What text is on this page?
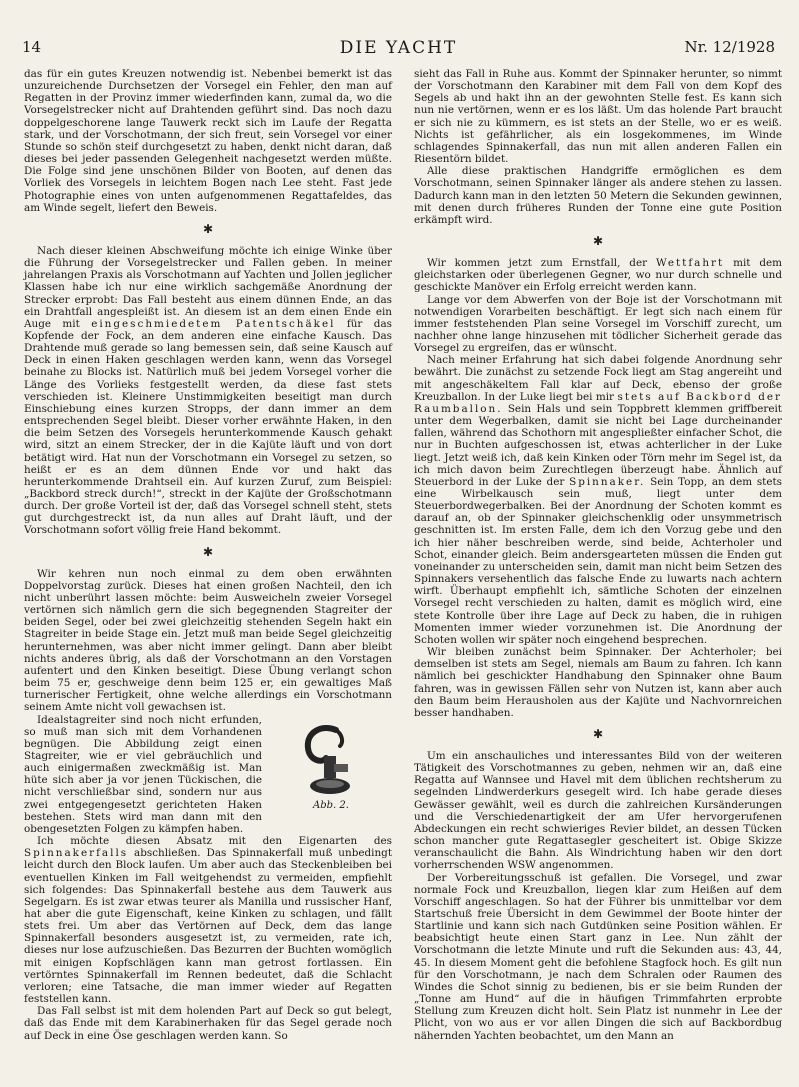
14	DIE YACHT	Nr. 12/1928

das für ein gutes Kreuzen notwendig ist. Nebenbei bemerkt ist das unzureichende Durchsetzen der Vorsegel ein Fehler, den man auf Regatten in der Provinz immer wiederfinden kann, zumal da, wo die Vorsegelstrecker nicht auf Drahtenden geführt sind. Das noch dazu doppelgeschorene lange Tauwerk reckt sich im Laufe der Regatta stark, und der Vorschotmann, der sich freut, sein Vorsegel vor einer Stunde so schön steif durchgesetzt zu haben, denkt nicht daran, daß dieses bei jeder passenden Gelegenheit nachgesetzt werden müßte. Die Folge sind jene unschönen Bilder von Booten, auf denen das Vorliek des Vorsegels in leichtem Bogen nach Lee steht. Fast jede Photographie eines von unten aufgenommenen Regattafeldes, das am Winde segelt, liefert den Beweis.

✱

Nach dieser kleinen Abschweifung möchte ich einige Winke über die Führung der Vorsegelstrecker und Fallen geben. In meiner jahrelangen Praxis als Vorschotmann auf Yachten und Jollen jeglicher Klassen habe ich nur eine wirklich sachgemäße Anordnung der Strecker erprobt: Das Fall besteht aus einem dünnen Ende, an das ein Drahtfall angespleißt ist. An diesem ist an dem einen Ende ein Auge mit eingeschmiedetem Patentschäkel für das Kopfende der Fock, an dem anderen eine einfache Kausch. Das Drahtende muß gerade so lang bemessen sein, daß seine Kausch auf Deck in einen Haken geschlagen werden kann, wenn das Vorsegel beinahe zu Blocks ist. Natürlich muß bei jedem Vorsegel vorher die Länge des Vorlieks festgestellt werden, da diese fast stets verschieden ist. Kleinere Unstimmigkeiten beseitigt man durch Einschiebung eines kurzen Stropps, der dann immer an dem entsprechenden Segel bleibt. Dieser vorher erwähnte Haken, in den die beim Setzen des Vorsegels herunterkommende Kausch gehakt wird, sitzt an einem Strecker, der in die Kajüte läuft und von dort betätigt wird. Hat nun der Vorschotmann ein Vorsegel zu setzen, so heißt er es an dem dünnen Ende vor und hakt das herunterkommende Drahtseil ein. Auf kurzen Zuruf, zum Beispiel: „Backbord streck durch!“, streckt in der Kajüte der Großschotmann durch. Der große Vorteil ist der, daß das Vorsegel schnell steht, stets gut durchgestreckt ist, da nun alles auf Draht läuft, und der Vorschotmann sofort völlig freie Hand bekommt.

✱

Wir kehren nun noch einmal zu dem oben erwähnten Doppelvorstag zurück. Dieses hat einen großen Nachteil, den ich nicht unberührt lassen möchte: beim Ausweicheln zweier Vorsegel vertörnen sich nämlich gern die sich begegnenden Stagreiter der beiden Segel, oder bei zwei gleichzeitig stehenden Segeln hakt ein Stagreiter in beide Stage ein. Jetzt muß man beide Segel gleichzeitig herunternehmen, was aber nicht immer gelingt. Dann aber bleibt nichts anderes übrig, als daß der Vorschotmann an den Vorstagen aufentert und den Kinken beseitigt. Diese Übung verlangt schon beim 75 er, geschweige denn beim 125 er, ein gewaltiges Maß turnerischer Fertigkeit, ohne welche allerdings ein Vorschotmann seinem Amte nicht voll gewachsen ist.

Abb. 2.

Idealstagreiter sind noch nicht erfunden, so muß man sich mit dem Vorhandenen begnügen. Die Abbildung zeigt einen Stagreiter, wie er viel gebräuchlich und auch einigermaßen zweckmäßig ist. Man hüte sich aber ja vor jenen Tückischen, die nicht verschließbar sind, sondern nur aus zwei entgegengesetzt gerichteten Haken bestehen. Stets wird man dann mit den obengesetzten Folgen zu kämpfen haben.

Ich möchte diesen Absatz mit den Eigenarten des Spinnakerfalls abschließen. Das Spinnakerfall muß unbedingt leicht durch den Block laufen. Um aber auch das Steckenbleiben bei eventuellen Kinken im Fall weitgehendst zu vermeiden, empfiehlt sich folgendes: Das Spinnakerfall bestehe aus dem Tauwerk aus Segelgarn. Es ist zwar etwas teurer als Manilla und russischer Hanf, hat aber die gute Eigenschaft, keine Kinken zu schlagen, und fällt stets frei. Um aber das Vertörnen auf Deck, dem das lange Spinnakerfall besonders ausgesetzt ist, zu vermeiden, rate ich, dieses nur lose aufzuschießen. Das Bezurren der Buchten womöglich mit einigen Kopfschlägen kann man getrost fortlassen. Ein vertörntes Spinnakerfall im Rennen bedeutet, daß die Schlacht verloren; eine Tatsache, die man immer wieder auf Regatten feststellen kann.

Das Fall selbst ist mit dem holenden Part auf Deck so gut belegt, daß das Ende mit dem Karabinerhaken für das Segel gerade noch auf Deck in eine Öse geschlagen werden kann. So

sieht das Fall in Ruhe aus. Kommt der Spinnaker herunter, so nimmt der Vorschotmann den Karabiner mit dem Fall von dem Kopf des Segels ab und hakt ihn an der gewohnten Stelle fest. Es kann sich nun nie vertörnen, wenn er es los läßt. Um das holende Part braucht er sich nie zu kümmern, es ist stets an der Stelle, wo er es weiß. Nichts ist gefährlicher, als ein losgekommenes, im Winde schlagendes Spinnakerfall, das nun mit allen anderen Fallen ein Riesentörn bildet.

Alle diese praktischen Handgriffe ermöglichen es dem Vorschotmann, seinen Spinnaker länger als andere stehen zu lassen. Dadurch kann man in den letzten 50 Metern die Sekunden gewinnen, mit denen durch früheres Runden der Tonne eine gute Position erkämpft wird.

✱

Wir kommen jetzt zum Ernstfall, der Wettfahrt mit dem gleichstarken oder überlegenen Gegner, wo nur durch schnelle und geschickte Manöver ein Erfolg erreicht werden kann.

Lange vor dem Abwerfen von der Boje ist der Vorschotmann mit notwendigen Vorarbeiten beschäftigt. Er legt sich nach einem für immer feststehenden Plan seine Vorsegel im Vorschiff zurecht, um nachher ohne lange hinzusehen mit tödlicher Sicherheit gerade das Vorsegel zu ergreifen, das er wünscht.

Nach meiner Erfahrung hat sich dabei folgende Anordnung sehr bewährt. Die zunächst zu setzende Fock liegt am Stag angereiht und mit angeschäkeltem Fall klar auf Deck, ebenso der große Kreuzballon. In der Luke liegt bei mir stets auf Backbord der Raumballon. Sein Hals und sein Toppbrett klemmen griffbereit unter dem Wegerbalken, damit sie nicht bei Lage durcheinander fallen, während das Schothorn mit angespließter einfacher Schot, die nur in Buchten aufgeschossen ist, etwas achterlicher in der Luke liegt. Jetzt weiß ich, daß kein Kinken oder Törn mehr im Segel ist, da ich mich davon beim Zurechtlegen überzeugt habe. Ähnlich auf Steuerbord in der Luke der Spinnaker. Sein Topp, an dem stets eine Wirbelkausch sein muß, liegt unter dem Steuerbordwegerbalken. Bei der Anordnung der Schoten kommt es darauf an, ob der Spinnaker gleichschenklig oder unsymmetrisch geschnitten ist. Im ersten Falle, dem ich den Vorzug gebe und den ich hier näher beschreiben werde, sind beide, Achterholer und Schot, einander gleich. Beim andersgearteten müssen die Enden gut voneinander zu unterscheiden sein, damit man nicht beim Setzen des Spinnakers versehentlich das falsche Ende zu luwarts nach achtern wirft. Überhaupt empfiehlt ich, sämtliche Schoten der einzelnen Vorsegel recht verschieden zu halten, damit es möglich wird, eine stete Kontrolle über ihre Lage auf Deck zu haben, die in ruhigen Momenten immer wieder vorzunehmen ist. Die Anordnung der Schoten wollen wir später noch eingehend besprechen.

Wir bleiben zunächst beim Spinnaker. Der Achterholer; bei demselben ist stets am Segel, niemals am Baum zu fahren. Ich kann nämlich bei geschickter Handhabung den Spinnaker ohne Baum fahren, was in gewissen Fällen sehr von Nutzen ist, kann aber auch den Baum beim Herausholen aus der Kajüte und Nachvornreichen besser handhaben.

✱

Um ein anschauliches und interessantes Bild von der weiteren Tätigkeit des Vorschotmannes zu geben, nehmen wir an, daß eine Regatta auf Wannsee und Havel mit dem üblichen rechtsherum zu segelnden Lindwerderkurs gesegelt wird. Ich habe gerade dieses Gewässer gewählt, weil es durch die zahlreichen Kursänderungen und die Verschiedenartigkeit der am Ufer hervorgerufenen Abdeckungen ein recht schwieriges Revier bildet, an dessen Tücken schon mancher gute Regattasegler gescheitert ist. Obige Skizze veranschaulicht die Bahn. Als Windrichtung haben wir den dort vorherrschenden WSW angenommen.

Der Vorbereitungsschuß ist gefallen. Die Vorsegel, und zwar normale Fock und Kreuzballon, liegen klar zum Heißen auf dem Vorschiff angeschlagen. So hat der Führer bis unmittelbar vor dem Startschuß freie Übersicht in dem Gewimmel der Boote hinter der Startlinie und kann sich nach Gutdünken seine Position wählen. Er beabsichtigt heute einen Start ganz in Lee. Nun zählt der Vorschotmann die letzte Minute und ruft die Sekunden aus: 43, 44, 45. In diesem Moment geht die befohlene Stagfock hoch. Es gilt nun für den Vorschotmann, je nach dem Schralen oder Raumen des Windes die Schot sinnig zu bedienen, bis er sie beim Runden der „Tonne am Hund“ auf die in häufigen Trimmfahrten erprobte Stellung zum Kreuzen dicht holt. Sein Platz ist nunmehr in Lee der Plicht, von wo aus er vor allen Dingen die sich auf Backbordbug nähernden Yachten beobachtet, um den Mann an
